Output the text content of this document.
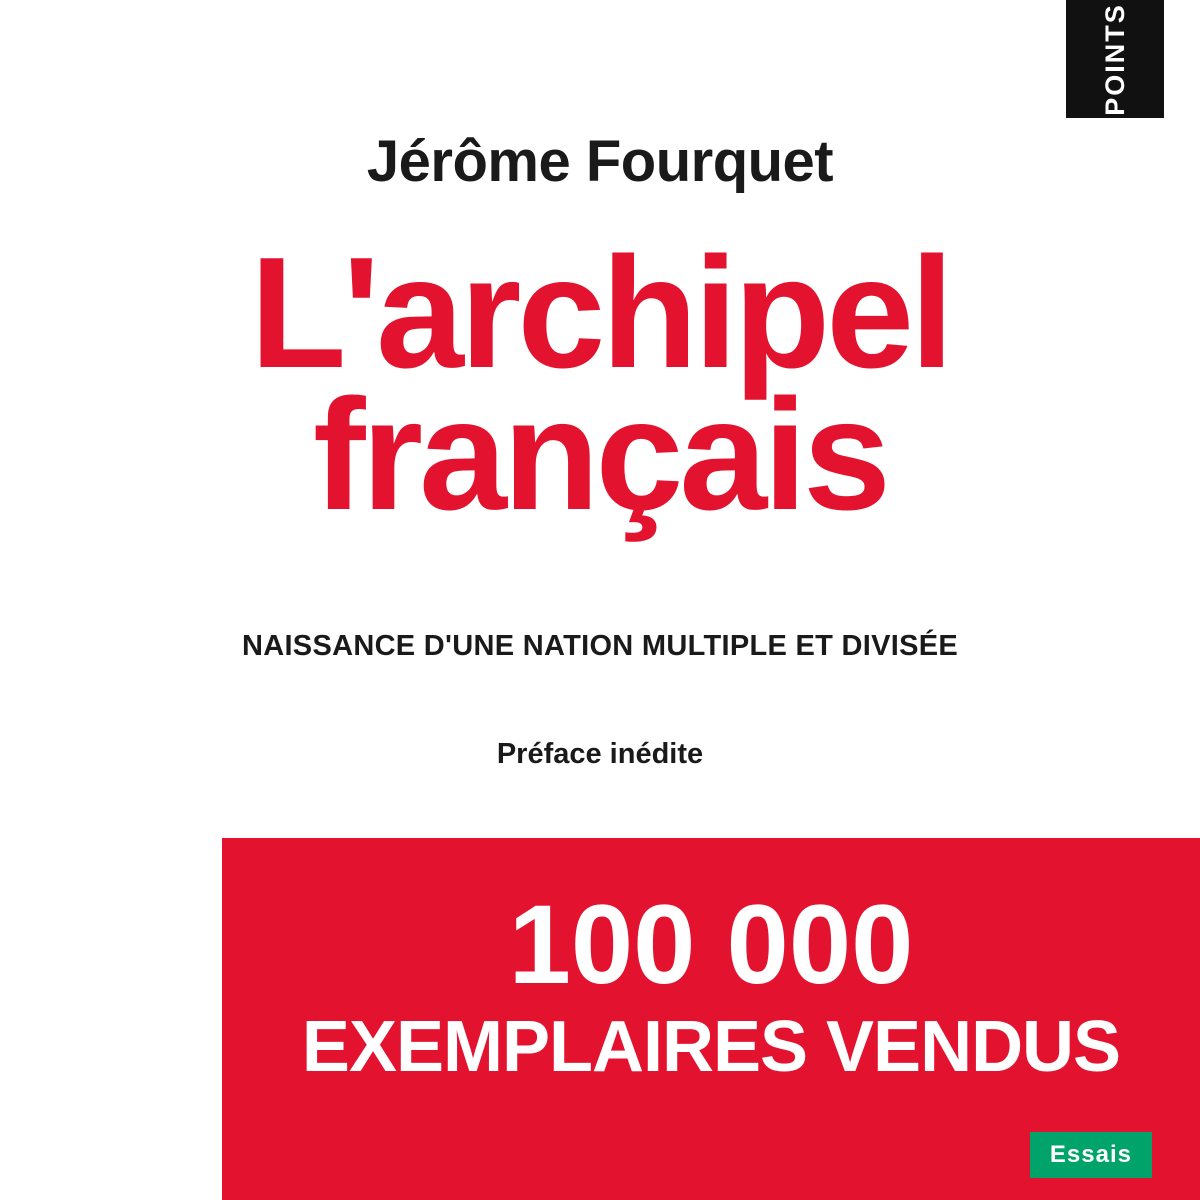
POINTS
Jérôme Fourquet
L'archipel
français
NAISSANCE D'UNE NATION MULTIPLE ET DIVISÉE
Préface inédite
100 000
EXEMPLAIRES VENDUS
Essais
